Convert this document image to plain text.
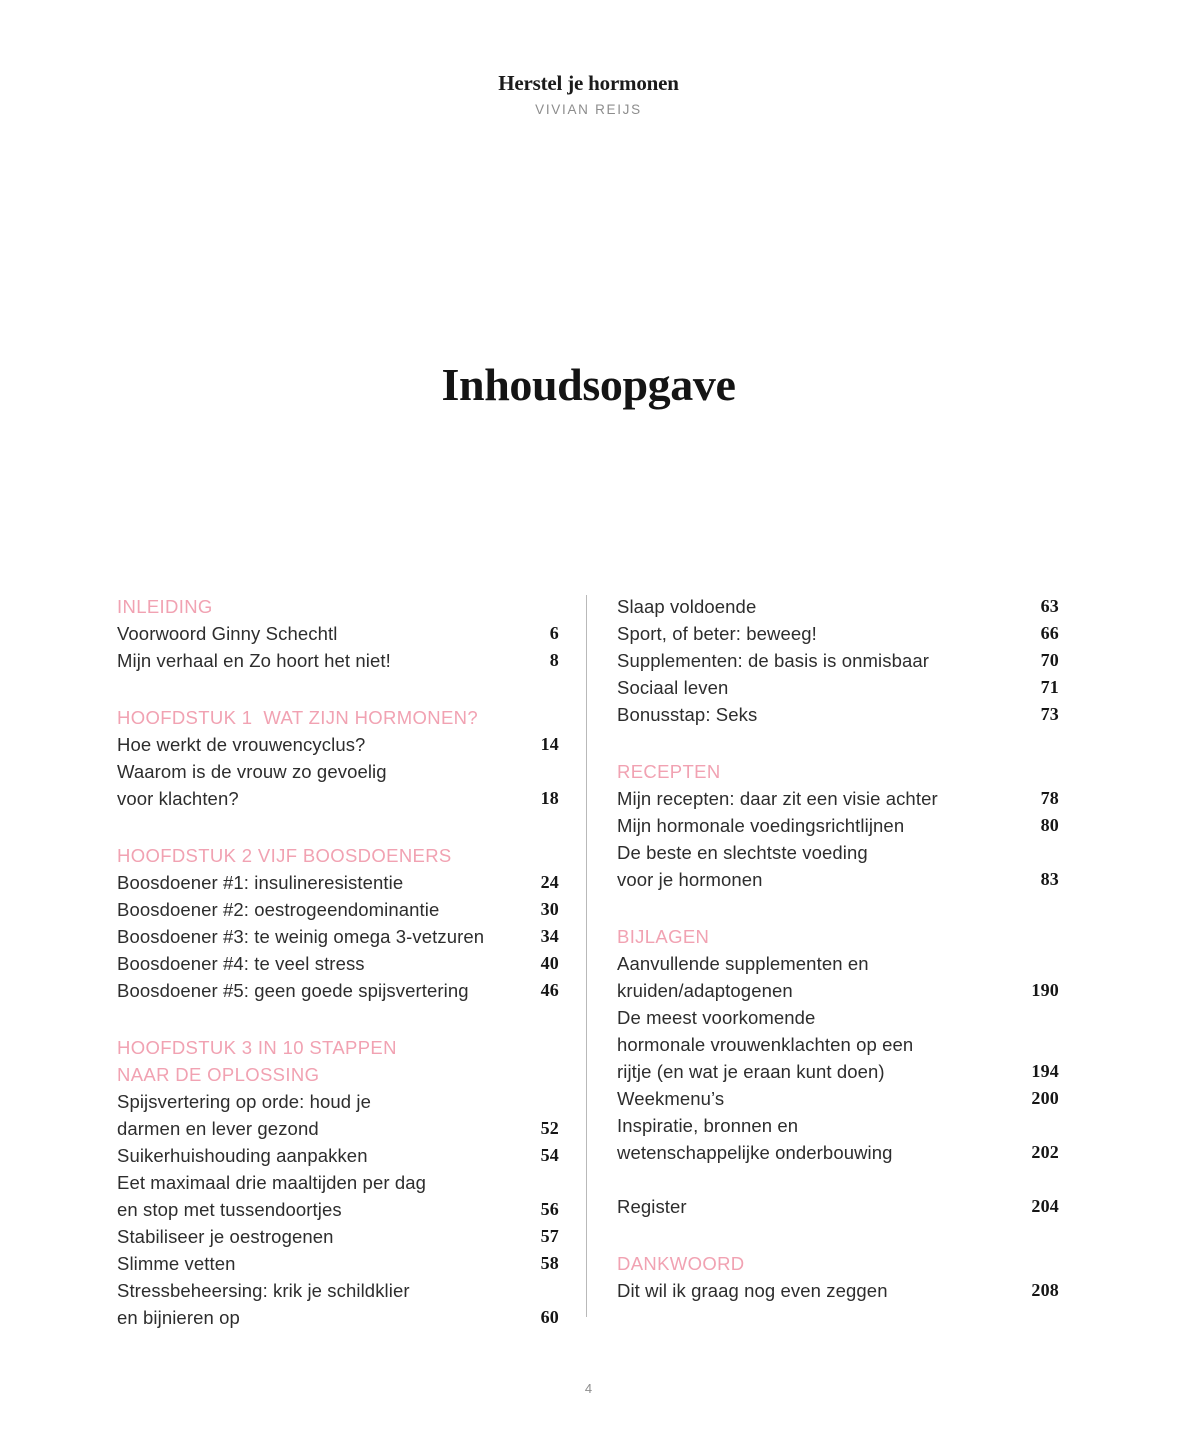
Herstel je hormonen
VIVIAN REIJS
Inhoudsopgave
INLEIDING
Voorwoord Ginny Schechtl	6
Mijn verhaal en Zo hoort het niet!	8
HOOFDSTUK 1  WAT ZIJN HORMONEN?
Hoe werkt de vrouwencyclus?	14
Waarom is de vrouw zo gevoelig
voor klachten?	18
HOOFDSTUK 2 VIJF BOOSDOENERS
Boosdoener #1: insulineresistentie	24
Boosdoener #2: oestrogeendominantie	30
Boosdoener #3: te weinig omega 3-vetzuren	34
Boosdoener #4: te veel stress	40
Boosdoener #5: geen goede spijsvertering	46
HOOFDSTUK 3 IN 10 STAPPEN
NAAR DE OPLOSSING
Spijsvertering op orde: houd je
darmen en lever gezond	52
Suikerhuishouding aanpakken	54
Eet maximaal drie maaltijden per dag
en stop met tussendoortjes	56
Stabiliseer je oestrogenen	57
Slimme vetten	58
Stressbeheersing: krik je schildklier
en bijnieren op	60
Slaap voldoende	63
Sport, of beter: beweeg!	66
Supplementen: de basis is onmisbaar	70
Sociaal leven	71
Bonusstap: Seks	73
RECEPTEN
Mijn recepten: daar zit een visie achter	78
Mijn hormonale voedingsrichtlijnen	80
De beste en slechtste voeding
voor je hormonen	83
BIJLAGEN
Aanvullende supplementen en
kruiden/adaptogenen	190
De meest voorkomende
hormonale vrouwenklachten op een
rijtje (en wat je eraan kunt doen)	194
Weekmenu’s	200
Inspiratie, bronnen en
wetenschappelijke onderbouwing	202
Register	204
DANKWOORD
Dit wil ik graag nog even zeggen	208
4
